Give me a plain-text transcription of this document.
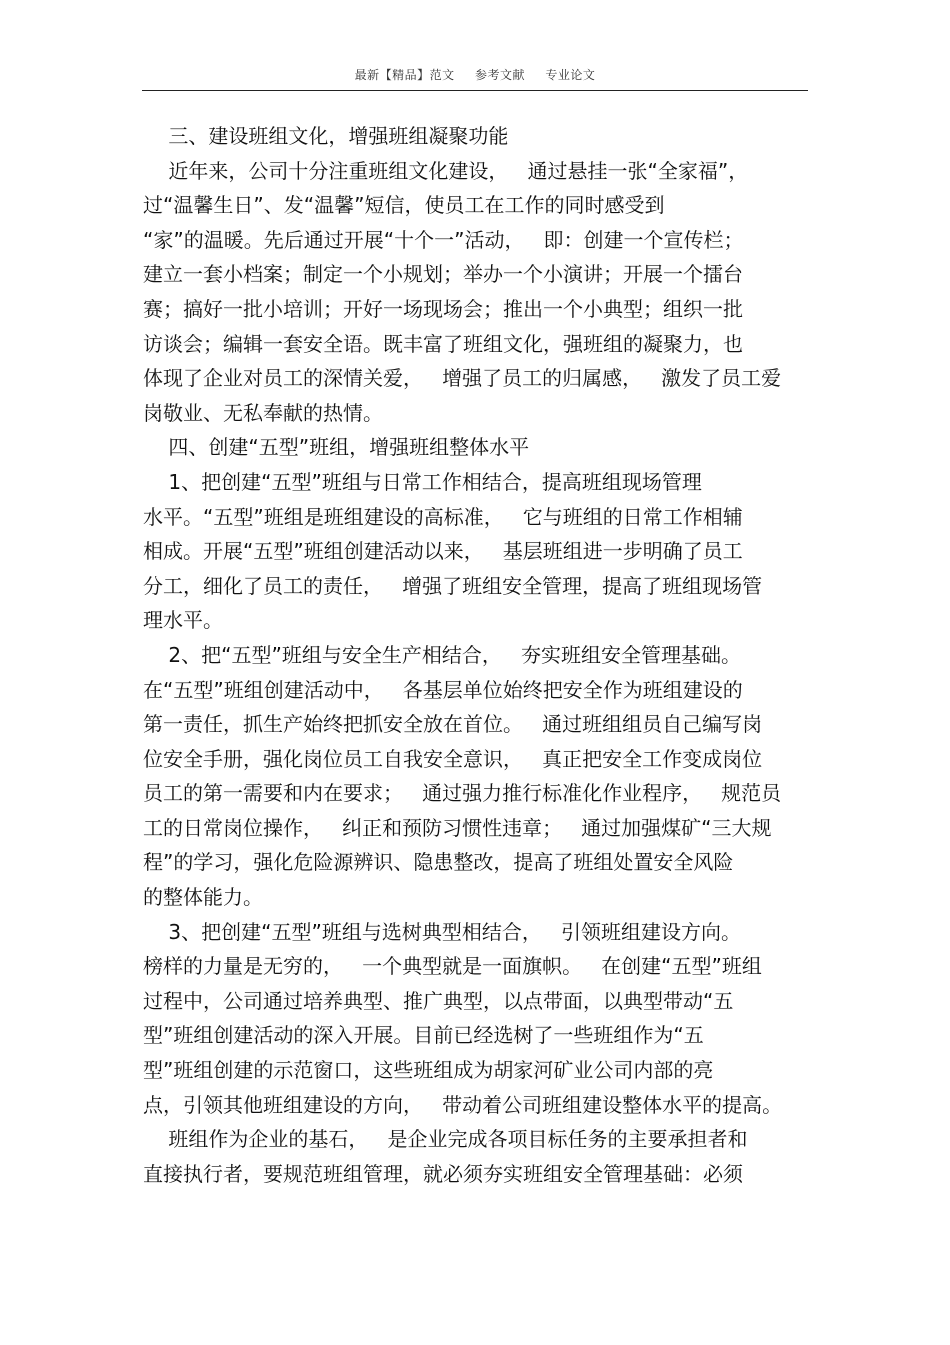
最新【精品】范文 参考文献 专业论文
三、建设班组文化，增强班组凝聚功能
近年来，公司十分注重班组文化建设，   通过悬挂一张“全家福”，
过“温馨生日”、发“温馨”短信，使员工在工作的同时感受到
“家”的温暖。先后通过开展“十个一”活动，   即：创建一个宣传栏；
建立一套小档案；制定一个小规划；举办一个小演讲；开展一个擂台
赛；搞好一批小培训；开好一场现场会；推出一个小典型；组织一批
访谈会；编辑一套安全语。既丰富了班组文化，强班组的凝聚力，也
体现了企业对员工的深情关爱，   增强了员工的归属感，   激发了员工爱
岗敬业、无私奉献的热情。
四、创建“五型”班组，增强班组整体水平
1、把创建“五型”班组与日常工作相结合，提高班组现场管理
水平。“五型”班组是班组建设的高标准，   它与班组的日常工作相辅
相成。开展“五型”班组创建活动以来，   基层班组进一步明确了员工
分工，细化了员工的责任，   增强了班组安全管理，提高了班组现场管
理水平。
2、把“五型”班组与安全生产相结合，   夯实班组安全管理基础。
在“五型”班组创建活动中，   各基层单位始终把安全作为班组建设的
第一责任，抓生产始终把抓安全放在首位。   通过班组组员自己编写岗
位安全手册，强化岗位员工自我安全意识，   真正把安全工作变成岗位
员工的第一需要和内在要求；   通过强力推行标准化作业程序，   规范员
工的日常岗位操作，   纠正和预防习惯性违章；   通过加强煤矿“三大规
程”的学习，强化危险源辨识、隐患整改，提高了班组处置安全风险
的整体能力。
3、把创建“五型”班组与选树典型相结合，   引领班组建设方向。
榜样的力量是无穷的，   一个典型就是一面旗帜。   在创建“五型”班组
过程中，公司通过培养典型、推广典型，以点带面，以典型带动“五
型”班组创建活动的深入开展。目前已经选树了一些班组作为“五
型”班组创建的示范窗口，这些班组成为胡家河矿业公司内部的亮
点，引领其他班组建设的方向，   带动着公司班组建设整体水平的提高。
班组作为企业的基石，   是企业完成各项目标任务的主要承担者和
直接执行者，要规范班组管理，就必须夯实班组安全管理基础：必须
